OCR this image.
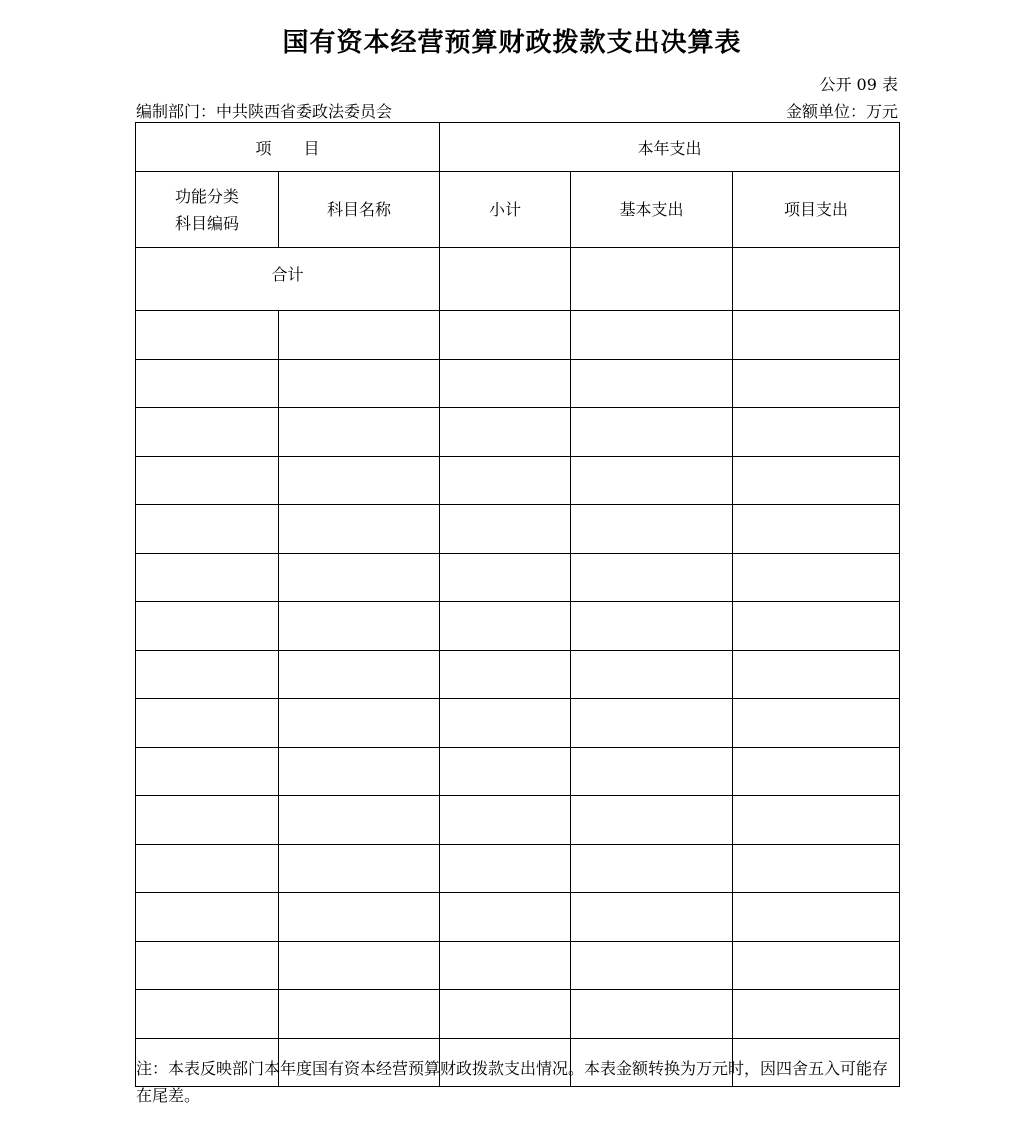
国有资本经营预算财政拨款支出决算表
公开 09 表
编制部门：中共陕西省委政法委员会	金额单位：万元
项　　目		本年支出		

功能分类
科目编码	科目名称	小计	基本支出	项目支出
合计				

注：本表反映部门本年度国有资本经营预算财政拨款支出情况。本表金额转换为万元时，因四舍五入可能存在尾差。
